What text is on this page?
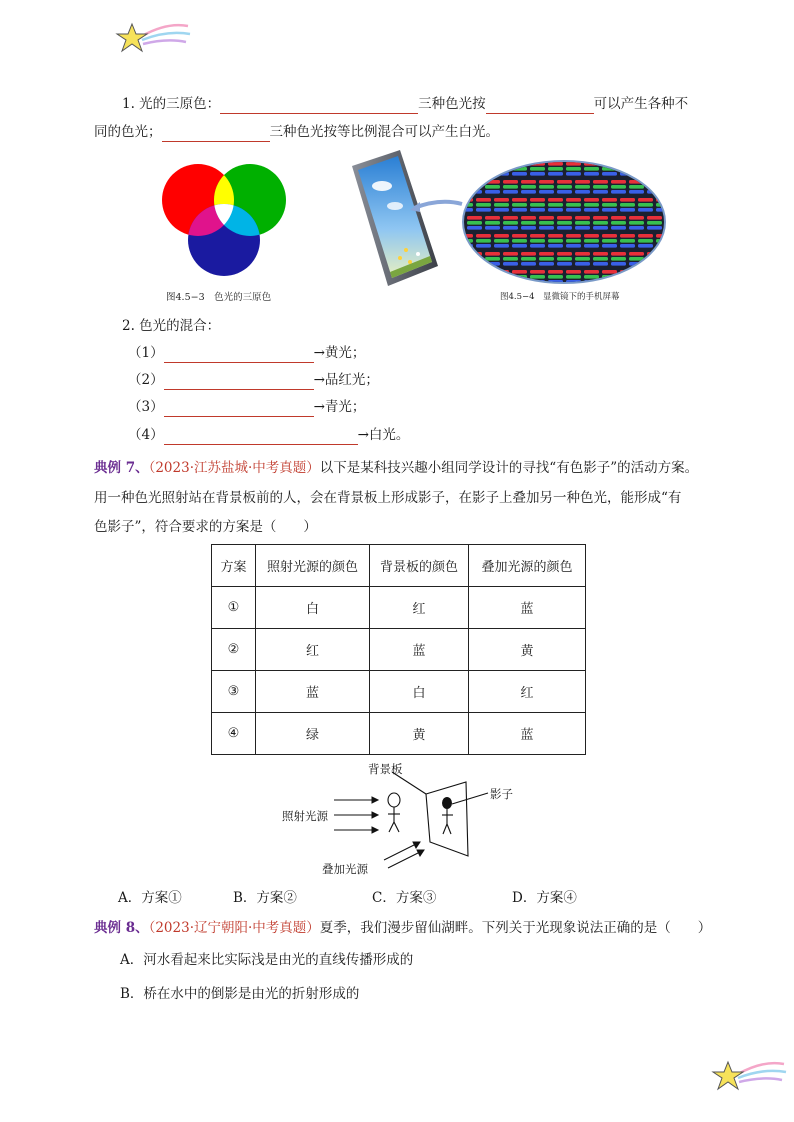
1. 光的三原色：	三种色光按	可以产生各种不
同的色光；	三种色光按等比例混合可以产生白光。
图4.5−3　色光的三原色	图4.5−4　显微镜下的手机屏幕
2. 色光的混合：
（1）	→黄光；
（2）	→品红光；
（3）	→青光；
（4）	→白光。
典例 7、（2023·江苏盐城·中考真题）以下是某科技兴趣小组同学设计的寻找“有色影子”的活动方案。
用一种色光照射站在背景板前的人，会在背景板上形成影子，在影子上叠加另一种色光，能形成“有
色影子”，符合要求的方案是（　　）
方案	照射光源的颜色	背景板的颜色	叠加光源的颜色
①	白	红	蓝
②	红	蓝	黄
③	蓝	白	红
④	绿	黄	蓝
背景板
影子
照射光源
叠加光源
A．方案①	B．方案②	C．方案③	D．方案④
典例 8、（2023·辽宁朝阳·中考真题）夏季，我们漫步留仙湖畔。下列关于光现象说法正确的是（　　）
A．河水看起来比实际浅是由光的直线传播形成的
B．桥在水中的倒影是由光的折射形成的
